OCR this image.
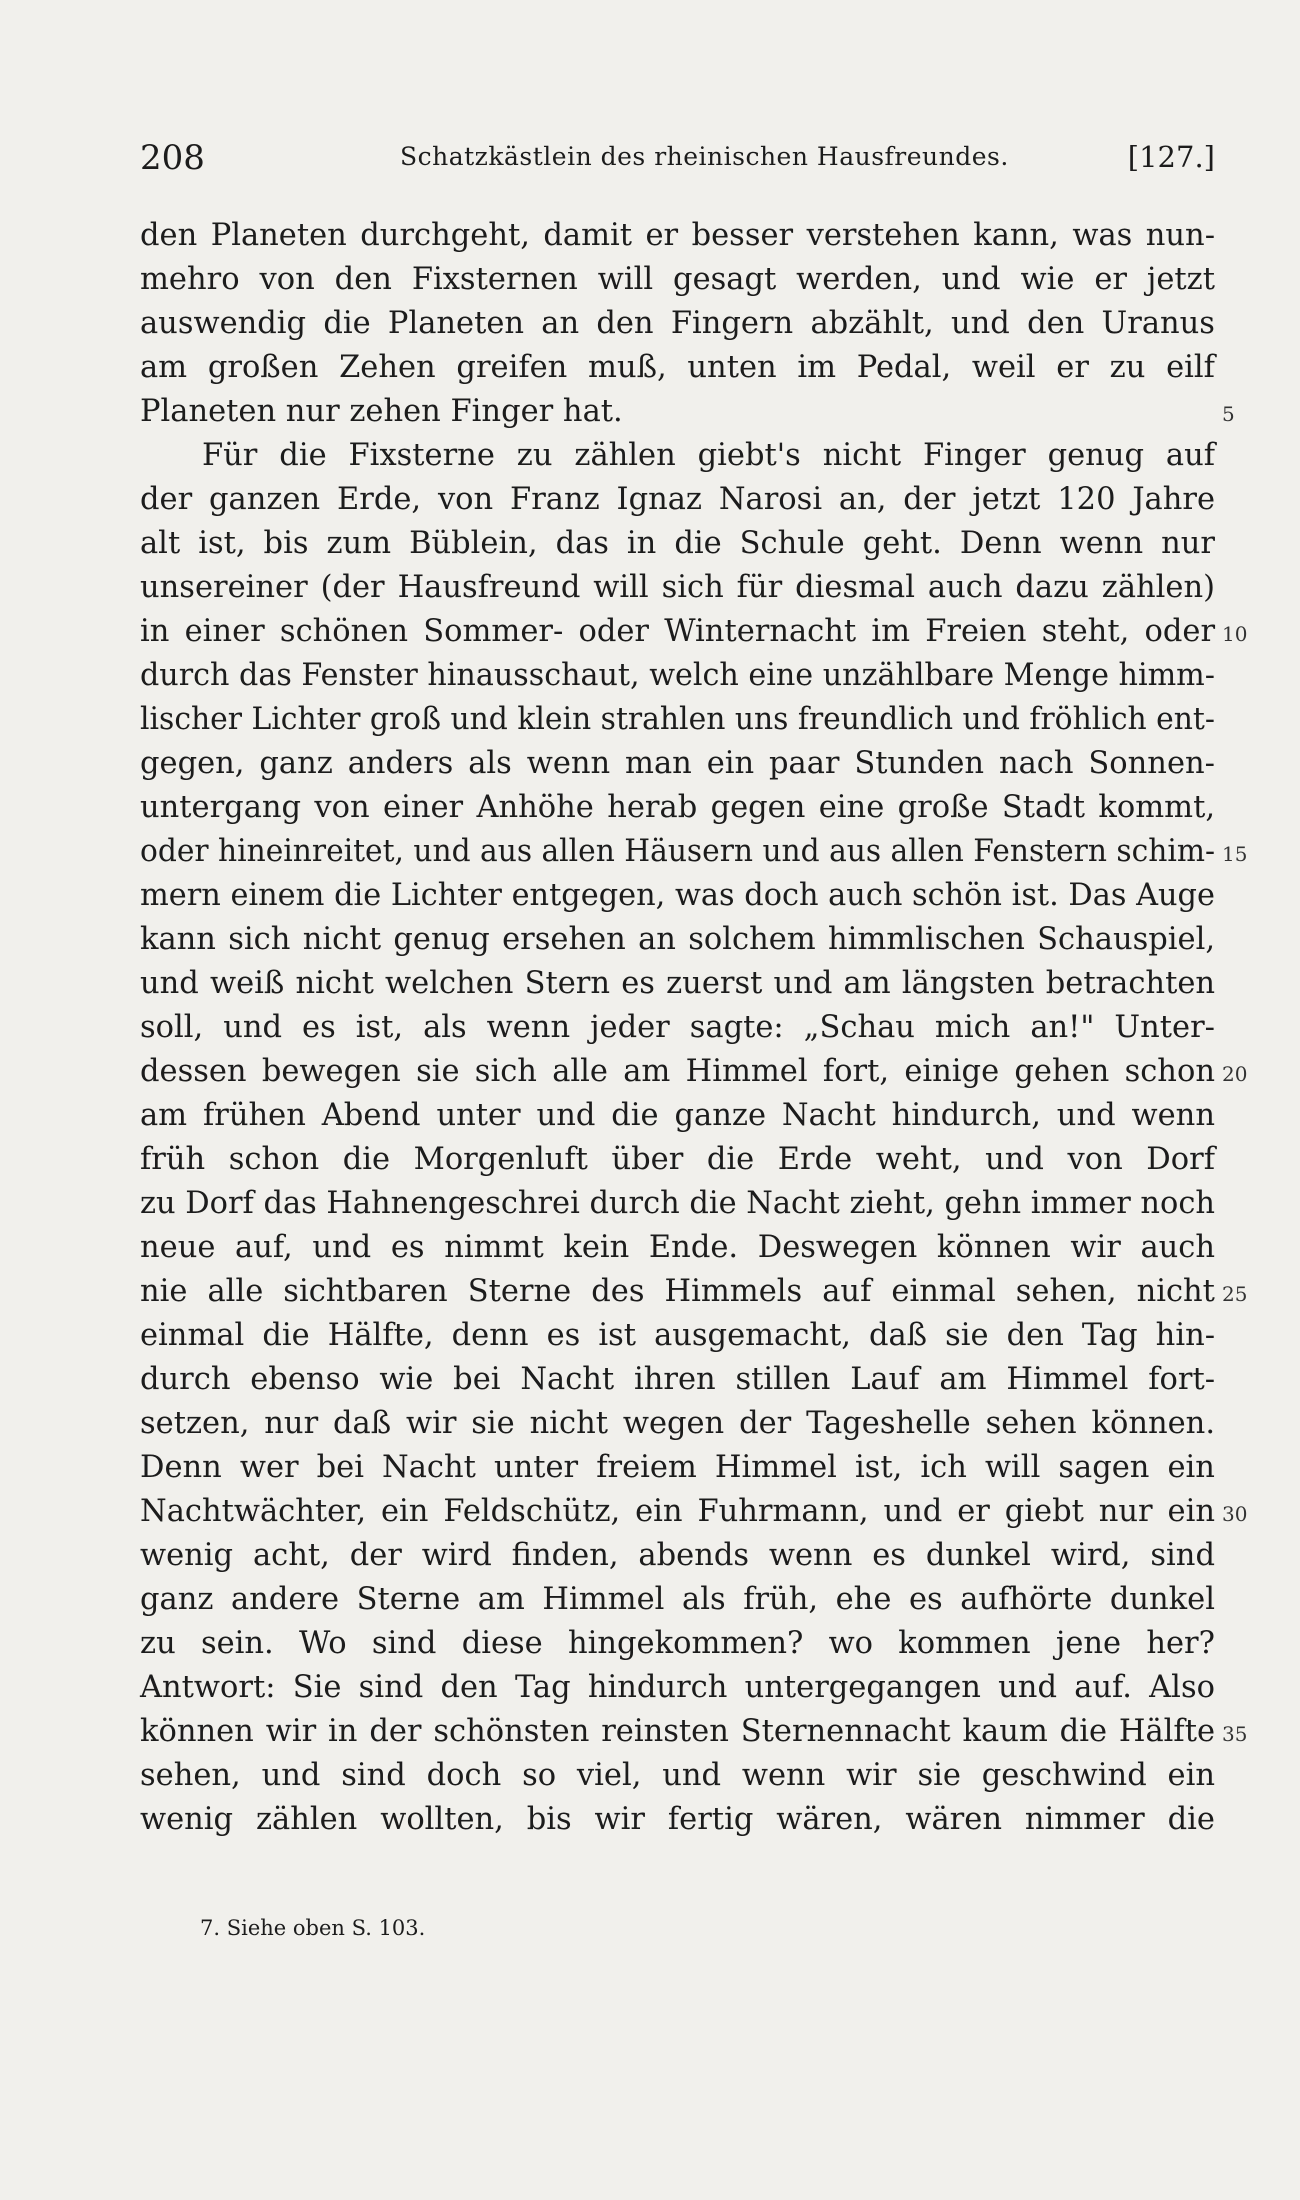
208	Schatzkästlein des rheinischen Hausfreundes.	[127.]
den Planeten durchgeht, damit er besser verstehen kann, was nun-
mehro von den Fixsternen will gesagt werden, und wie er jetzt
auswendig die Planeten an den Fingern abzählt, und den Uranus
am großen Zehen greifen muß, unten im Pedal, weil er zu eilf
Planeten nur zehen Finger hat.	5
Für die Fixsterne zu zählen giebt's nicht Finger genug auf
der ganzen Erde, von Franz Ignaz Narosi an, der jetzt 120 Jahre
alt ist, bis zum Büblein, das in die Schule geht. Denn wenn nur
unsereiner (der Hausfreund will sich für diesmal auch dazu zählen)
in einer schönen Sommer- oder Winternacht im Freien steht, oder 10
durch das Fenster hinausschaut, welch eine unzählbare Menge himm-
lischer Lichter groß und klein strahlen uns freundlich und fröhlich ent-
gegen, ganz anders als wenn man ein paar Stunden nach Sonnen-
untergang von einer Anhöhe herab gegen eine große Stadt kommt,
oder hineinreitet, und aus allen Häusern und aus allen Fenstern schim- 15
mern einem die Lichter entgegen, was doch auch schön ist. Das Auge
kann sich nicht genug ersehen an solchem himmlischen Schauspiel,
und weiß nicht welchen Stern es zuerst und am längsten betrachten
soll, und es ist, als wenn jeder sagte: „Schau mich an!" Unter-
dessen bewegen sie sich alle am Himmel fort, einige gehen schon 20
am frühen Abend unter und die ganze Nacht hindurch, und wenn
früh schon die Morgenluft über die Erde weht, und von Dorf
zu Dorf das Hahnengeschrei durch die Nacht zieht, gehn immer noch
neue auf, und es nimmt kein Ende. Deswegen können wir auch
nie alle sichtbaren Sterne des Himmels auf einmal sehen, nicht 25
einmal die Hälfte, denn es ist ausgemacht, daß sie den Tag hin-
durch ebenso wie bei Nacht ihren stillen Lauf am Himmel fort-
setzen, nur daß wir sie nicht wegen der Tageshelle sehen können.
Denn wer bei Nacht unter freiem Himmel ist, ich will sagen ein
Nachtwächter, ein Feldschütz, ein Fuhrmann, und er giebt nur ein 30
wenig acht, der wird finden, abends wenn es dunkel wird, sind
ganz andere Sterne am Himmel als früh, ehe es aufhörte dunkel
zu sein. Wo sind diese hingekommen? wo kommen jene her?
Antwort: Sie sind den Tag hindurch untergegangen und auf. Also
können wir in der schönsten reinsten Sternennacht kaum die Hälfte 35
sehen, und sind doch so viel, und wenn wir sie geschwind ein
wenig zählen wollten, bis wir fertig wären, wären nimmer die
7. Siehe oben S. 103.
